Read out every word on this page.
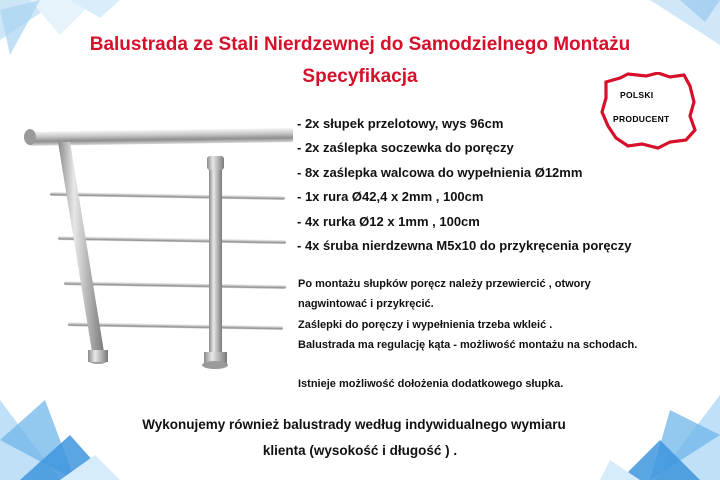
Balustrada ze Stali Nierdzewnej do Samodzielnego Montażu
Specyfikacja
POLSKI
PRODUCENT
- 2x słupek przelotowy, wys 96cm
- 2x zaślepka soczewka do poręczy
- 8x zaślepka walcowa do wypełnienia Ø12mm
- 1x rura Ø42,4 x 2mm , 100cm
- 4x rurka Ø12 x 1mm , 100cm
- 4x śruba nierdzewna M5x10 do przykręcenia poręczy

Po montażu słupków poręcz należy przewiercić , otwory

nagwintować i przykręcić.

Zaślepki do poręczy i wypełnienia trzeba wkleić .

Balustrada ma regulację kąta - możliwość montażu na schodach.

Istnieje możliwość dołożenia dodatkowego słupka.

Wykonujemy również balustrady według indywidualnego wymiaru
klienta (wysokość i długość ) .
